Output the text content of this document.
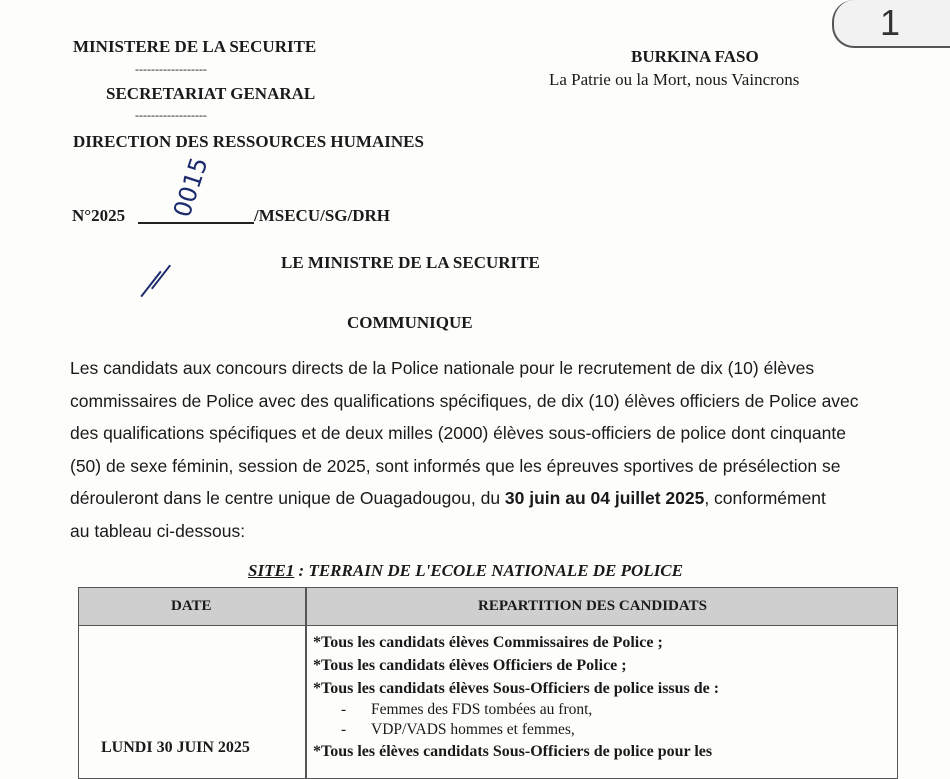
1
MINISTERE DE LA SECURITE
------------------
SECRETARIAT GENARAL
------------------
DIRECTION DES RESSOURCES HUMAINES
BURKINA FASO
La Patrie ou la Mort, nous Vaincrons
N°2025	/MSECU/SG/DRH
0015
LE MINISTRE DE LA SECURITE
COMMUNIQUE
Les candidats aux concours directs de la Police nationale pour le recrutement de dix (10) élèves
commissaires de Police avec des qualifications spécifiques, de dix (10) élèves officiers de Police avec
des qualifications spécifiques et de deux milles (2000) élèves sous-officiers de police dont cinquante
(50) de sexe féminin, session de 2025, sont informés que les épreuves sportives de présélection se
dérouleront dans le centre unique de Ouagadougou, du 30 juin au 04 juillet 2025, conformément
au tableau ci-dessous:
SITE1 : TERRAIN DE L'ECOLE NATIONALE DE POLICE
DATE	REPARTITION DES CANDIDATS
LUNDI 30 JUIN 2025
*Tous les candidats élèves Commissaires de Police ;
*Tous les candidats élèves Officiers de Police ;
*Tous les candidats élèves Sous-Officiers de police issus de :
- Femmes des FDS tombées au front,
- VDP/VADS hommes et femmes,
*Tous les élèves candidats Sous-Officiers de police pour les
